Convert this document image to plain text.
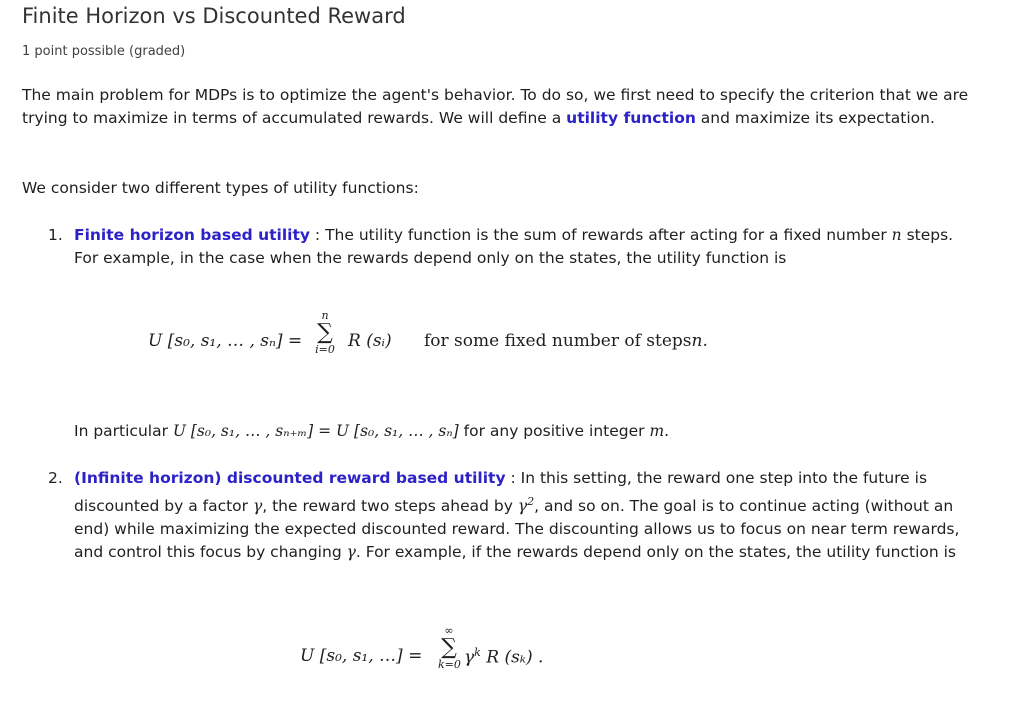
Finite Horizon vs Discounted Reward
1 point possible (graded)
The main problem for MDPs is to optimize the agent's behavior. To do so, we first need to specify the criterion that we are trying to maximize in terms of accumulated rewards. We will define a utility function and maximize its expectation.
We consider two different types of utility functions:
1. Finite horizon based utility : The utility function is the sum of rewards after acting for a fixed number n steps. For example, in the case when the rewards depend only on the states, the utility function is
U [s₀, s₁, … , sₙ] =
n
∑
i=0 R (sᵢ) for some fixed number of stepsn.
In particular U [s₀, s₁, … , sₙ₊ₘ] = U [s₀, s₁, … , sₙ] for any positive integer m.
2. (Infinite horizon) discounted reward based utility : In this setting, the reward one step into the future is discounted by a factor γ, the reward two steps ahead by $\gamma^2$, and so on. The goal is to continue acting (without an end) while maximizing the expected discounted reward. The discounting allows us to focus on near term rewards, and control this focus by changing γ. For example, if the rewards depend only on the states, the utility function is
U [s₀, s₁, …] =
∞
∑
k=0 $\gamma^k$ R (sₖ) .
